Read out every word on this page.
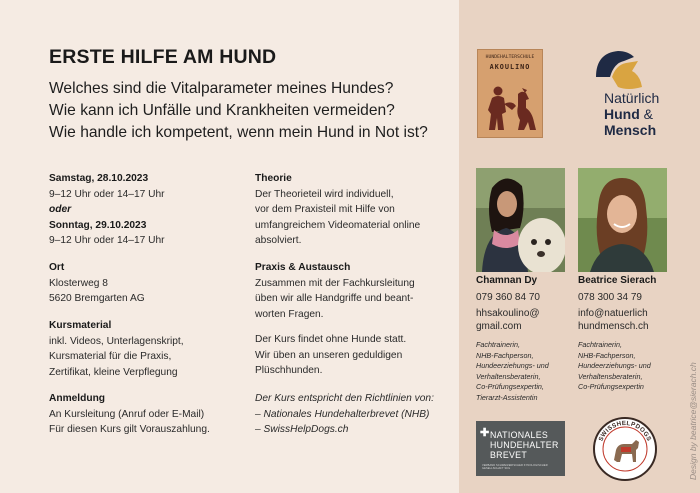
ERSTE HILFE AM HUND
Welches sind die Vitalparameter meines Hundes?
Wie kann ich Unfälle und Krankheiten vermeiden?
Wie handle ich kompetent, wenn mein Hund in Not ist?
Samstag, 28.10.2023
9–12 Uhr oder 14–17 Uhr
oder
Sonntag, 29.10.2023
9–12 Uhr oder 14–17 Uhr
Ort
Klosterweg 8
5620 Bremgarten AG
Kursmaterial
inkl. Videos, Unterlagenskript,
Kursmaterial für die Praxis,
Zertifikat, kleine Verpflegung
Anmeldung
An Kursleitung (Anruf oder E-Mail)
Für diesen Kurs gilt Vorauszahlung.
Theorie
Der Theorieteil wird individuell,
vor dem Praxisteil mit Hilfe von
umfangreichem Videomaterial online
absolviert.
Praxis & Austausch
Zusammen mit der Fachkursleitung
üben wir alle Handgriffe und beant-
worten Fragen.
Der Kurs findet ohne Hunde statt.
Wir üben an unseren geduldigen
Plüschhunden.
Der Kurs entspricht den Richtlinien von:
– Nationales Hundehalterbrevet (NHB)
– SwissHelpDogs.ch
HUNDEHALTERSCHULE
AKOULINO
Natürlich
Hund &
Mensch
Chamnan Dy
079 360 84 70
hhsakoulino@
gmail.com
Fachtrainerin,
NHB-Fachperson,
Hundeerziehungs- und
Verhaltensberaterin,
Co-Prüfungsexpertin,
Tierarzt-Assistentin
Beatrice Sierach
078 300 34 79
info@natuerlich
hundmensch.ch
Fachtrainerin,
NHB-Fachperson,
Hundeerziehungs- und
Verhaltensberaterin,
Co-Prüfungsexpertin
✚ NATIONALES
HUNDEHALTER
BREVET
VERBAND SCHWEIZERISCHER KYNOLOGISCHER GESELLSCHAFT SKG
SWISSHELPDOGS	Design by beatrice@sierach.ch
